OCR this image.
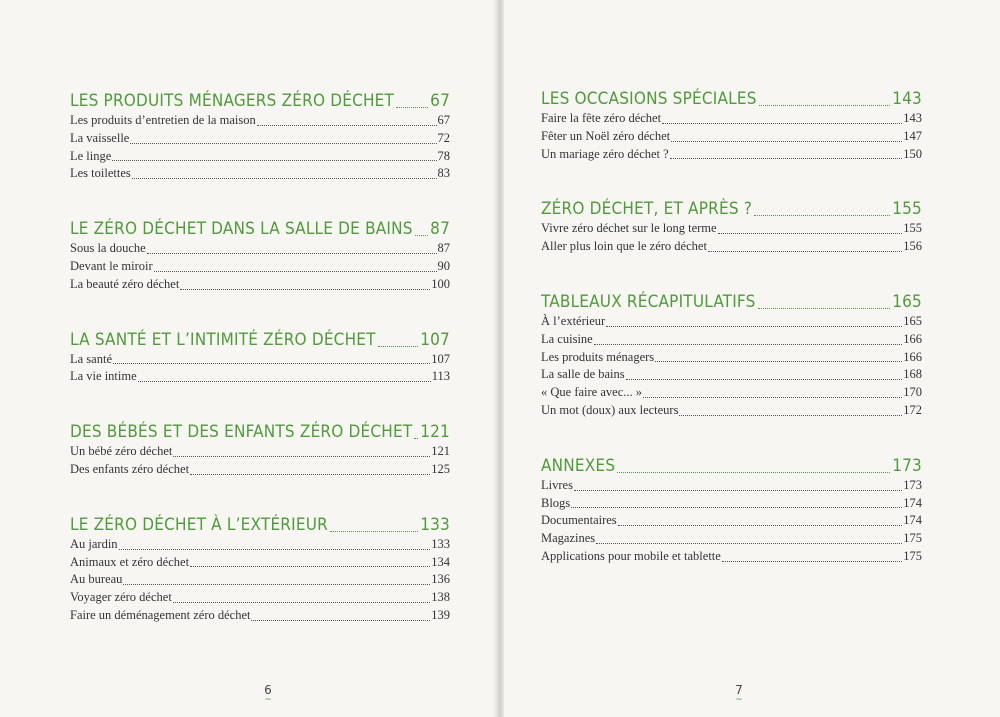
LES PRODUITS MÉNAGERS ZÉRO DÉCHET 67
Les produits d’entretien de la maison	67
La vaisselle	72
Le linge	78
Les toilettes	83
LE ZÉRO DÉCHET DANS LA SALLE DE BAINS 87
Sous la douche	87
Devant le miroir	90
La beauté zéro déchet	100
LA SANTÉ ET L’INTIMITÉ ZÉRO DÉCHET	107
La santé	107
La vie intime	113
DES BÉBÉS ET DES ENFANTS ZÉRO DÉCHET 121
Un bébé zéro déchet	121
Des enfants zéro déchet	125
LE ZÉRO DÉCHET À L’EXTÉRIEUR	133
Au jardin	133
Animaux et zéro déchet	134
Au bureau	136
Voyager zéro déchet	138
Faire un déménagement zéro déchet	139
6
~
LES OCCASIONS SPÉCIALES	143
Faire la fête zéro déchet	143
Fêter un Noël zéro déchet	147
Un mariage zéro déchet ?	150
ZÉRO DÉCHET, ET APRÈS ?	155
Vivre zéro déchet sur le long terme	155
Aller plus loin que le zéro déchet	156
TABLEAUX RÉCAPITULATIFS	165
À l’extérieur	165
La cuisine	166
Les produits ménagers	166
La salle de bains	168
« Que faire avec... »	170
Un mot (doux) aux lecteurs	172
ANNEXES	173
Livres	173
Blogs	174
Documentaires	174
Magazines	175
Applications pour mobile et tablette	175
7
~
